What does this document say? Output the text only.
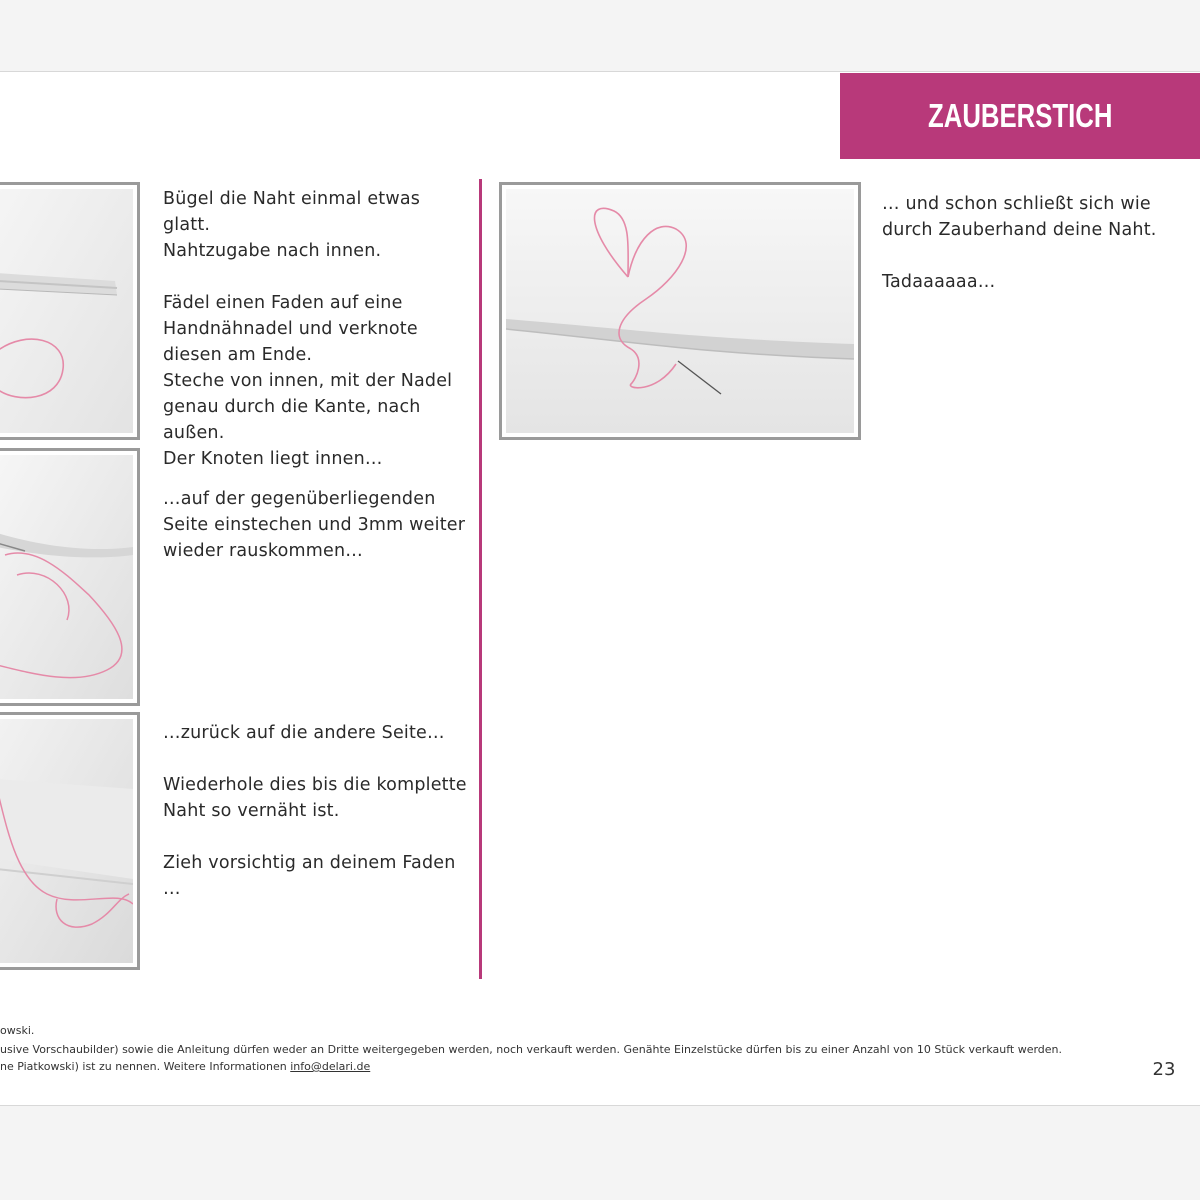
ZAUBERSTICH

Bügel die Naht einmal etwas glatt.
Nahtzugabe nach innen.

Fädel einen Faden auf eine
Handnähnadel und verknote
diesen am Ende.
Steche von innen, mit der Nadel
genau durch die Kante, nach
außen.
Der Knoten liegt innen…

…auf der gegenüberliegenden
Seite einstechen und 3mm weiter
wieder rauskommen…

…zurück auf die andere Seite…

Wiederhole dies bis die komplette
Naht so vernäht ist.

Zieh vorsichtig an deinem Faden …

… und schon schließt sich wie
durch Zauberhand deine Naht.

Tadaaaaaa…

owski.
usive Vorschaubilder) sowie die Anleitung dürfen weder an Dritte weitergegeben werden, noch verkauft werden. Genähte Einzelstücke dürfen bis zu einer Anzahl von 10 Stück verkauft werden.
ne Piatkowski) ist zu nennen. Weitere Informationen info@delari.de	23
